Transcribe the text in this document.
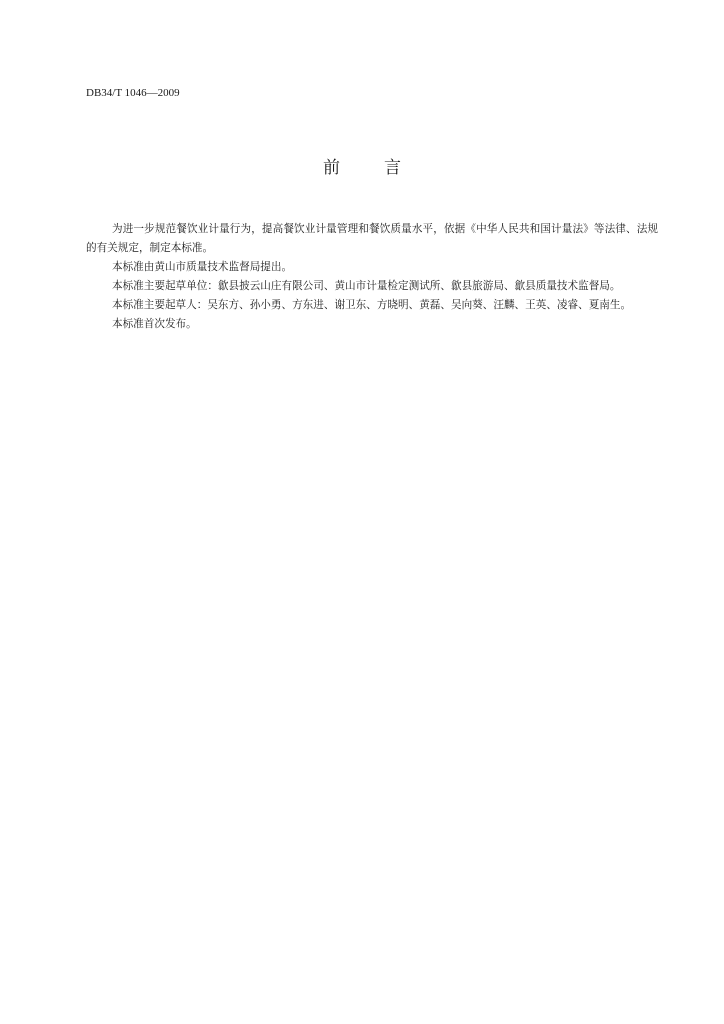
DB34/T 1046—2009
前	言

为进一步规范餐饮业计量行为，提高餐饮业计量管理和餐饮质量水平，依据《中华人民共和国计量法》等法律、法规的有关规定，制定本标准。

本标准由黄山市质量技术监督局提出。

本标准主要起草单位：歙县披云山庄有限公司、黄山市计量检定测试所、歙县旅游局、歙县质量技术监督局。

本标准主要起草人：吴东方、孙小勇、方东进、谢卫东、方晓明、黄磊、吴向葵、汪麟、王英、凌睿、夏南生。

本标准首次发布。
